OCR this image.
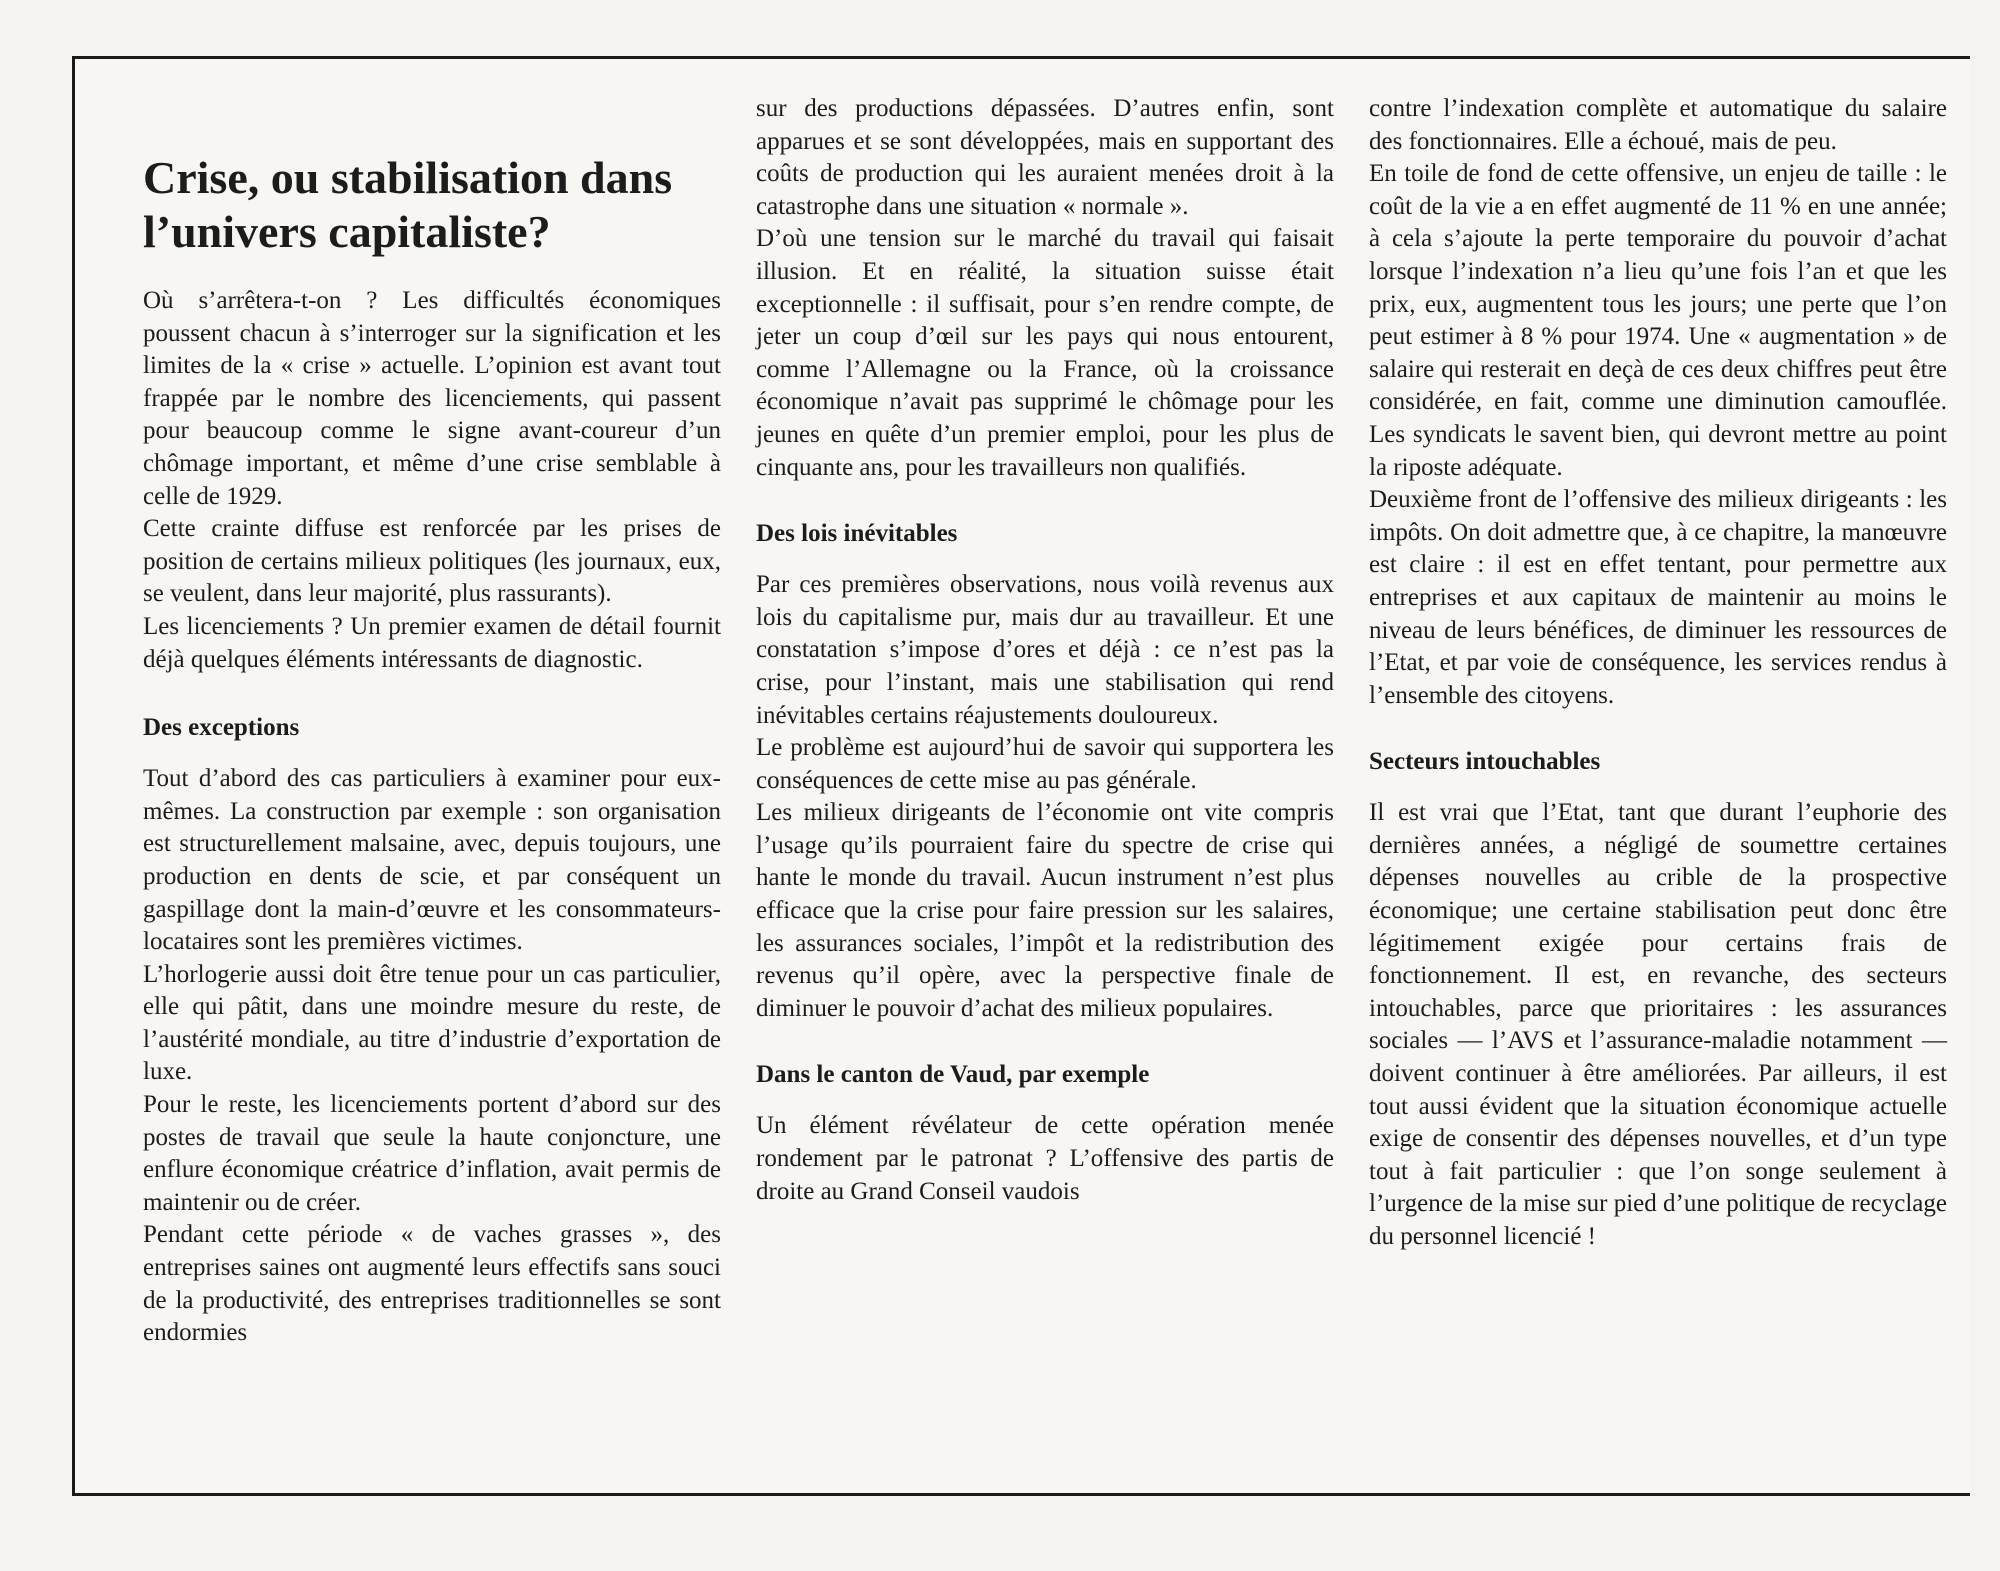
Crise, ou stabilisation dans l’univers capitaliste?

Où s’arrêtera-t-on ? Les difficultés économiques poussent chacun à s’interroger sur la signification et les limites de la « crise » actuelle. L’opinion est avant tout frappée par le nombre des licenciements, qui passent pour beaucoup comme le signe avant-coureur d’un chômage important, et même d’une crise semblable à celle de 1929.

Cette crainte diffuse est renforcée par les prises de position de certains milieux politiques (les journaux, eux, se veulent, dans leur majorité, plus rassurants).

Les licenciements ? Un premier examen de détail fournit déjà quelques éléments intéressants de diagnostic.

Des exceptions

Tout d’abord des cas particuliers à examiner pour eux-mêmes. La construction par exemple : son organisation est structurellement malsaine, avec, depuis toujours, une production en dents de scie, et par conséquent un gaspillage dont la main-d’œuvre et les consommateurs-locataires sont les premières victimes.

L’horlogerie aussi doit être tenue pour un cas particulier, elle qui pâtit, dans une moindre mesure du reste, de l’austérité mondiale, au titre d’industrie d’exportation de luxe.

Pour le reste, les licenciements portent d’abord sur des postes de travail que seule la haute conjoncture, une enflure économique créatrice d’inflation, avait permis de maintenir ou de créer.

Pendant cette période « de vaches grasses », des entreprises saines ont augmenté leurs effectifs sans souci de la productivité, des entreprises traditionnelles se sont endormies

sur des productions dépassées. D’autres enfin, sont apparues et se sont développées, mais en supportant des coûts de production qui les auraient menées droit à la catastrophe dans une situation « normale ».

D’où une tension sur le marché du travail qui faisait illusion. Et en réalité, la situation suisse était exceptionnelle : il suffisait, pour s’en rendre compte, de jeter un coup d’œil sur les pays qui nous entourent, comme l’Allemagne ou la France, où la croissance économique n’avait pas supprimé le chômage pour les jeunes en quête d’un premier emploi, pour les plus de cinquante ans, pour les travailleurs non qualifiés.

Des lois inévitables

Par ces premières observations, nous voilà revenus aux lois du capitalisme pur, mais dur au travailleur. Et une constatation s’impose d’ores et déjà : ce n’est pas la crise, pour l’instant, mais une stabilisation qui rend inévitables certains réajustements douloureux.

Le problème est aujourd’hui de savoir qui supportera les conséquences de cette mise au pas générale.

Les milieux dirigeants de l’économie ont vite compris l’usage qu’ils pourraient faire du spectre de crise qui hante le monde du travail. Aucun instrument n’est plus efficace que la crise pour faire pression sur les salaires, les assurances sociales, l’impôt et la redistribution des revenus qu’il opère, avec la perspective finale de diminuer le pouvoir d’achat des milieux populaires.

Dans le canton de Vaud, par exemple

Un élément révélateur de cette opération menée rondement par le patronat ? L’offensive des partis de droite au Grand Conseil vaudois

contre l’indexation complète et automatique du salaire des fonctionnaires. Elle a échoué, mais de peu.

En toile de fond de cette offensive, un enjeu de taille : le coût de la vie a en effet augmenté de 11 % en une année; à cela s’ajoute la perte temporaire du pouvoir d’achat lorsque l’indexation n’a lieu qu’une fois l’an et que les prix, eux, augmentent tous les jours; une perte que l’on peut estimer à 8 % pour 1974. Une « augmentation » de salaire qui resterait en deçà de ces deux chiffres peut être considérée, en fait, comme une diminution camouflée. Les syndicats le savent bien, qui devront mettre au point la riposte adéquate.

Deuxième front de l’offensive des milieux dirigeants : les impôts. On doit admettre que, à ce chapitre, la manœuvre est claire : il est en effet tentant, pour permettre aux entreprises et aux capitaux de maintenir au moins le niveau de leurs bénéfices, de diminuer les ressources de l’Etat, et par voie de conséquence, les services rendus à l’ensemble des citoyens.

Secteurs intouchables

Il est vrai que l’Etat, tant que durant l’euphorie des dernières années, a négligé de soumettre certaines dépenses nouvelles au crible de la prospective économique; une certaine stabilisation peut donc être légitimement exigée pour certains frais de fonctionnement. Il est, en revanche, des secteurs intouchables, parce que prioritaires : les assurances sociales — l’AVS et l’assurance-maladie notamment — doivent continuer à être améliorées. Par ailleurs, il est tout aussi évident que la situation économique actuelle exige de consentir des dépenses nouvelles, et d’un type tout à fait particulier : que l’on songe seulement à l’urgence de la mise sur pied d’une politique de recyclage du personnel licencié !
